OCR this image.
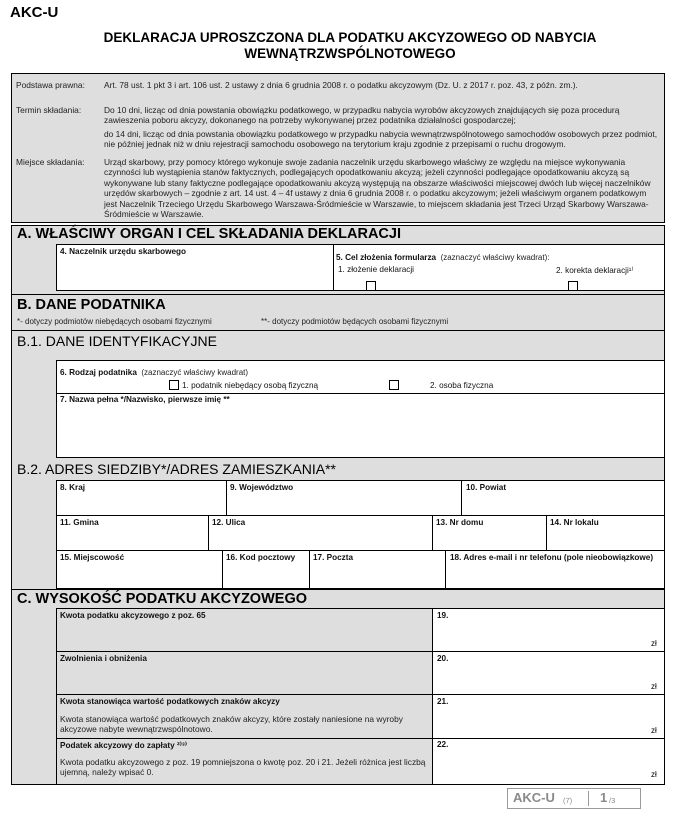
AKC-U
DEKLARACJA UPROSZCZONA DLA PODATKU AKCYZOWEGO OD NABYCIA
WEWNĄTRZWSPÓLNOTOWEGO
Podstawa prawna: Art. 78 ust. 1 pkt 3 i art. 106 ust. 2 ustawy z dnia 6 grudnia 2008 r. o podatku akcyzowym (Dz. U. z 2017 r. poz. 43, z późn. zm.).
Termin składania:	Do 10 dni, licząc od dnia powstania obowiązku podatkowego, w przypadku nabycia wyrobów akcyzowych znajdujących się poza procedurą zawieszenia poboru akcyzy, dokonanego na potrzeby wykonywanej przez podatnika działalności gospodarczej;
do 14 dni, licząc od dnia powstania obowiązku podatkowego w przypadku nabycia wewnątrzwspólnotowego samochodów osobowych przez podmiot, nie później jednak niż w dniu rejestracji samochodu osobowego na terytorium kraju zgodnie z przepisami o ruchu drogowym.
Miejsce składania: Urząd skarbowy, przy pomocy którego wykonuje swoje zadania naczelnik urzędu skarbowego właściwy ze względu na miejsce wykonywania czynności lub wystąpienia stanów faktycznych, podlegających opodatkowaniu akcyzą; jeżeli czynności podlegające opodatkowaniu akcyzą są wykonywane lub stany faktyczne podlegające opodatkowaniu akcyzą występują na obszarze właściwości miejscowej dwóch lub więcej naczelników urzędów skarbowych – zgodnie z art. 14 ust. 4 – 4f ustawy z dnia 6 grudnia 2008 r. o podatku akcyzowym; jeżeli właściwym organem podatkowym jest Naczelnik Trzeciego Urzędu Skarbowego Warszawa-Śródmieście w Warszawie, to miejscem składania jest Trzeci Urząd Skarbowy Warszawa-Śródmieście w Warszawie.
A. WŁAŚCIWY ORGAN I CEL SKŁADANIA DEKLARACJI
4. Naczelnik urzędu skarbowego
5. Cel złożenia formularza (zaznaczyć właściwy kwadrat):
1. złożenie deklaracji	2. korekta deklaracji¹⁾
B. DANE PODATNIKA
*- dotyczy podmiotów niebędących osobami fizycznymi	**- dotyczy podmiotów będących osobami fizycznymi
B.1. DANE IDENTYFIKACYJNE
6. Rodzaj podatnika (zaznaczyć właściwy kwadrat)
1. podatnik niebędący osobą fizyczną	2. osoba fizyczna
7. Nazwa pełna */Nazwisko, pierwsze imię **
B.2. ADRES SIEDZIBY*/ADRES ZAMIESZKANIA**
8. Kraj	9. Województwo	10. Powiat
11. Gmina	12. Ulica	13. Nr domu	14. Nr lokalu
15. Miejscowość	16. Kod pocztowy 17. Poczta	18. Adres e-mail i nr telefonu (pole nieobowiązkowe)
C. WYSOKOŚĆ PODATKU AKCYZOWEGO
Kwota podatku akcyzowego z poz. 65	19.
zł
Zwolnienia i obniżenia	20.
zł
Kwota stanowiąca wartość podatkowych znaków akcyzy
Kwota stanowiąca wartość podatkowych znaków akcyzy, które zostały naniesione na wyroby akcyzowe nabyte wewnątrzwspólnotowo.
21.
zł
Podatek akcyzowy do zapłaty ²⁾³⁾
Kwota podatku akcyzowego z poz. 19 pomniejszona o kwotę poz. 20 i 21. Jeżeli różnica jest liczbą ujemną, należy wpisać 0.
22.
zł
AKC-U (7) 1 /3
